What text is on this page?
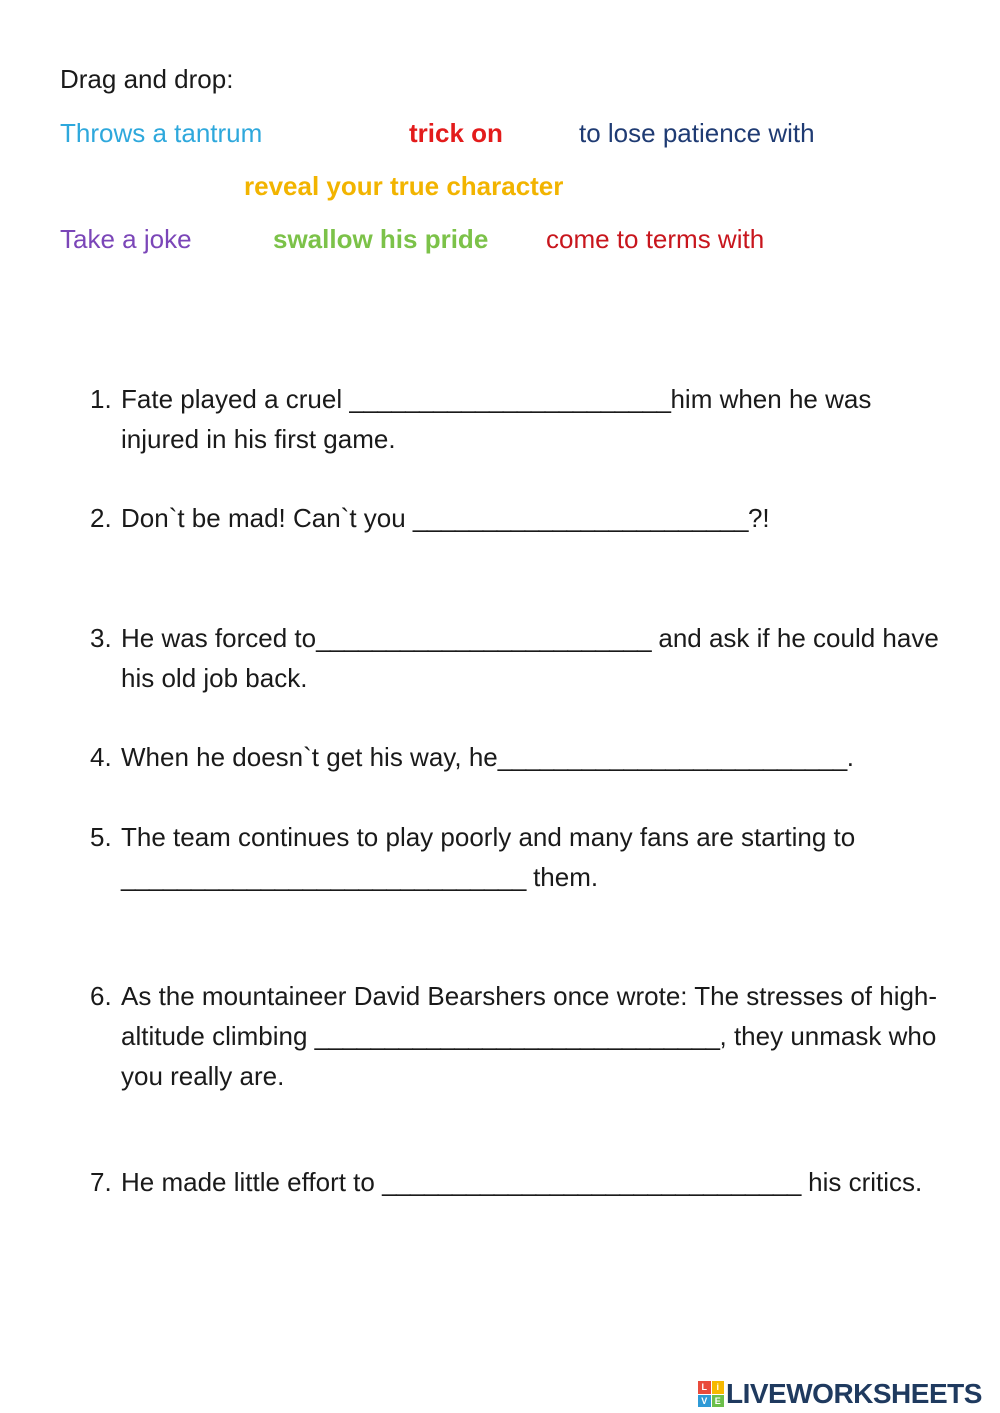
Drag and drop:
Throws a tantrum	trick on	to lose patience with
reveal your true character
Take a joke	swallow his pride come to terms with
1. Fate played a cruel _______________________him when he was injured in his first game.
2. Don`t be mad! Can`t you ________________________?!
3. He was forced to________________________ and ask if he could have his old job back.
4. When he doesn`t get his way, he_________________________.
5. The team continues to play poorly and many fans are starting to _____________________________ them.
6. As the mountaineer David Bearshers once wrote: The stresses of high-altitude climbing _____________________________, they unmask who you really are.
7. He made little effort to ______________________________ his critics.
L	i
V E LIVEWORKSHEETS
